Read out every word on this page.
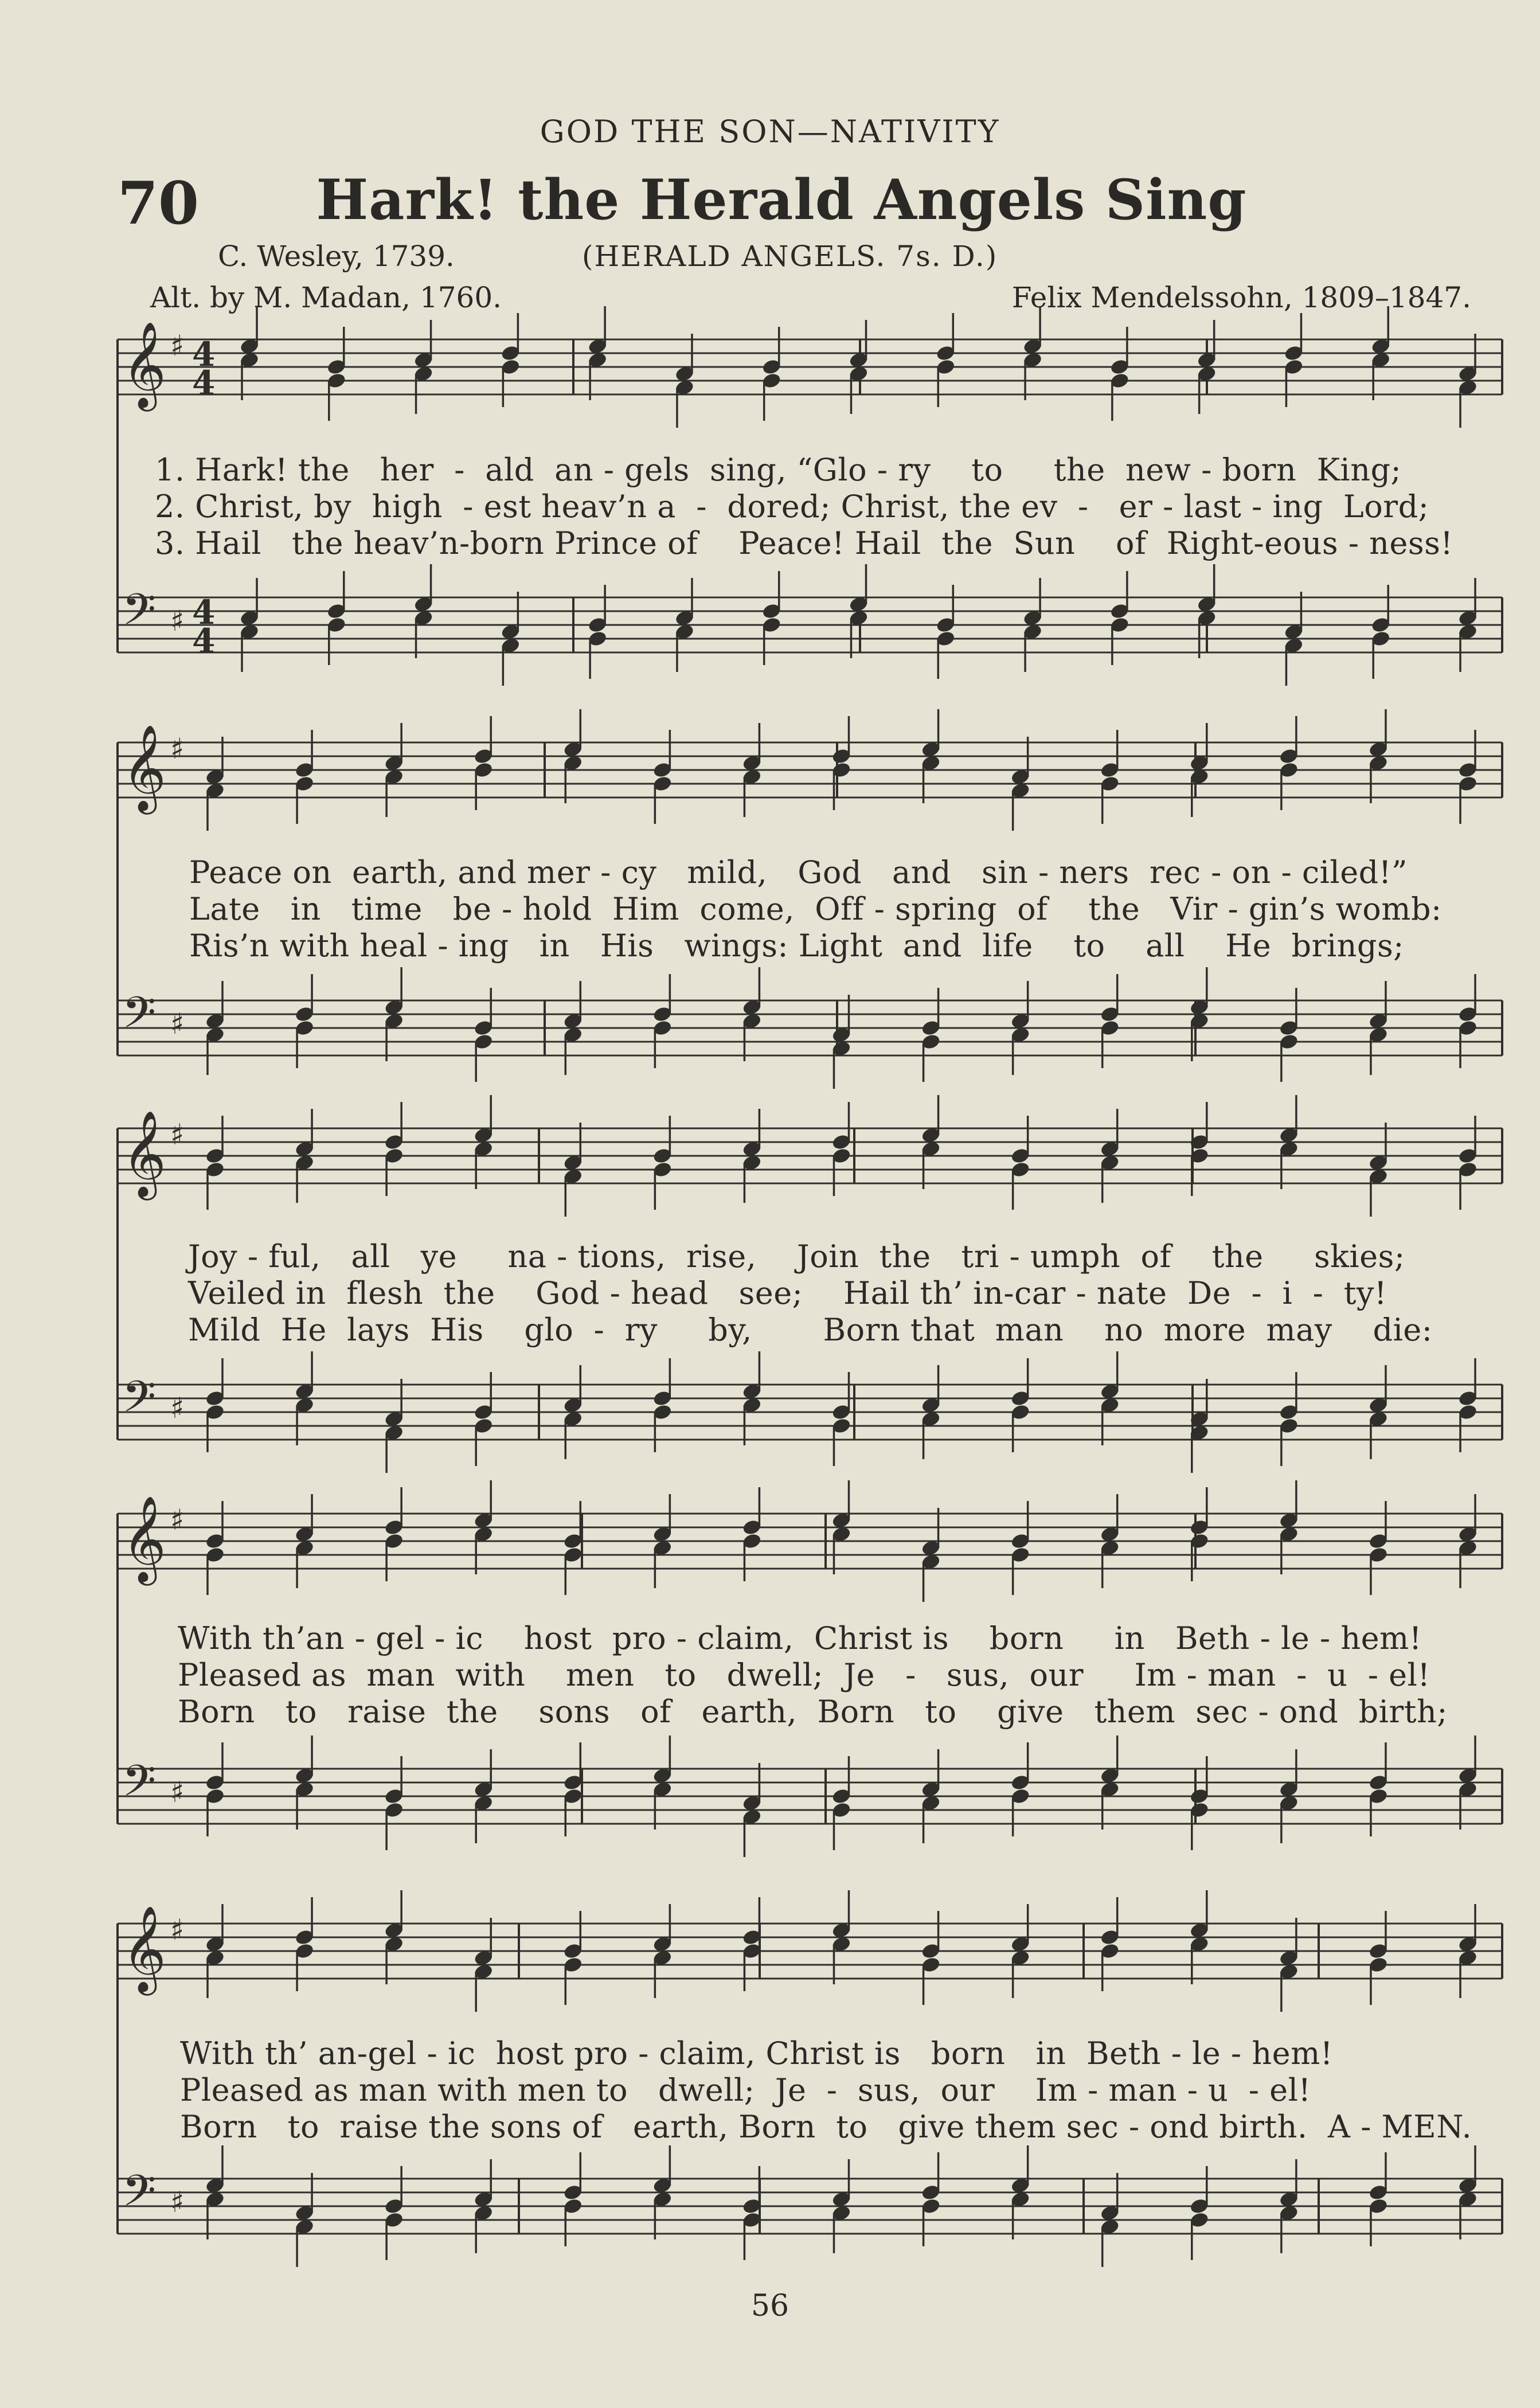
GOD THE SON—NATIVITY
70	Hark! the Herald Angels Sing
C. Wesley, 1739.	(HERALD ANGELS. 7s. D.)
Alt. by M. Madan, 1760.	Felix Mendelssohn, 1809–1847.
𝄞 ♯ 4
4
𝄢 ♯ 4
4
𝄞 ♯
𝄢 ♯
𝄞 ♯
𝄢 ♯
𝄞 ♯
𝄢 ♯
𝄞 ♯
𝄢 ♯
1. Hark! the   her  -  ald  an - gels  sing, “Glo - ry    to     the  new - born  King;
2. Christ, by  high  - est heav’n a  -  dored; Christ, the ev  -   er - last - ing  Lord;
3. Hail   the heav’n-born Prince of    Peace! Hail  the  Sun    of  Right-eous - ness!
Peace on  earth, and mer - cy   mild,   God   and   sin - ners  rec - on - ciled!”
Late   in   time   be - hold  Him  come,  Off - spring  of    the   Vir - gin’s womb:
Ris’n with heal - ing   in   His   wings: Light  and  life    to    all    He  brings;
Joy - ful,   all   ye     na - tions,  rise,    Join  the   tri - umph  of    the     skies;
Veiled in  flesh  the    God - head   see;    Hail th’ in-car - nate  De  -  i  -  ty!
Mild  He  lays  His    glo  -  ry     by,       Born that  man    no  more  may    die:
With th’an - gel - ic    host  pro - claim,  Christ is    born     in   Beth - le - hem!
Pleased as  man  with    men   to   dwell;  Je   -   sus,  our     Im - man  -  u  - el!
Born   to   raise  the    sons   of   earth,  Born   to    give   them  sec - ond  birth;
With th’ an-gel - ic  host pro - claim, Christ is   born   in  Beth - le - hem!
Pleased as man with men to   dwell;  Je  -  sus,  our    Im - man - u  - el!
Born   to  raise the sons of   earth, Born  to   give them sec - ond birth.  A - MEN.
56
